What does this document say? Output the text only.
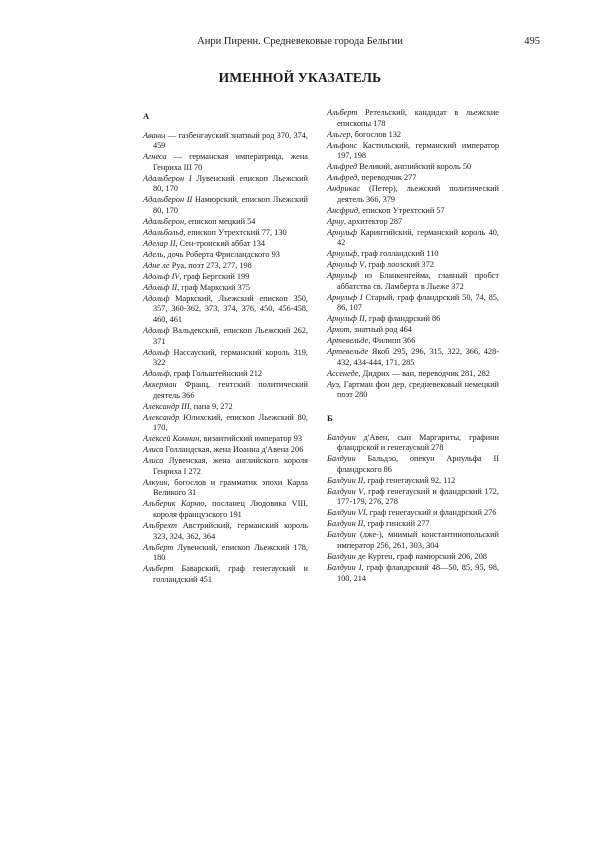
Анри Пиренн. Средневековые города Бельгии	495
ИМЕННОЙ УКАЗАТЕЛЬ
А

Аваны — газбенгауский знатный род 370, 374, 459

Агнеса — германская императрица, жена Генриха III 70

Адальберон I Лувенский епископ Льежский 80, 170

Адальберон II Намюрский, епископ Льежский 80, 170

Адальберон, епископ мецкий 54

Адальбольд, епископ Утрехтский 77, 130

Аделар II, Сен-тронский аббат 134

Адель, дочь Роберта Фрисландского 93

Адне ле Руа, поэт 273, 277, 198

Адольф IV, граф Бергский 199

Адольф II, граф Маркский 375

Адольф Маркский, Льежский епископ 350, 357, 360-362, 373, 374, 376, 450, 456-458, 460, 461

Адольф Вальдекский, епископ Льежский 262, 371

Адольф Нассауский, германский король 319, 322

Адольф, граф Гольштейнский 212

Аккерман Франц, гентский политический деятель 366

Александр III, папа 9, 272

Александр Юлихский, епископ Льежский 80, 170,

Алексей Комнин, византийский император 93

Алиса Голландская, жена Иоанна д'Авена 206

Алиса Лувенская, жена английского короля Генриха I 272

Алкуин, богослов и грамматик эпохи Карла Великого 31

Альберик Корню, посланец Людовика VIII, короля французского 191

Альбрехт Австрийский, германский король 323, 324, 362, 364

Альберт Лувенский, епископ Льежский 178, 180

Альберт Баварский, граф генегауский и голландский 451

Альберт Ретельский, кандидат в льежские епископы 178

Альгер, богослов 132

Альфонс Кастильский, германский император 197, 198

Альфред Великий, английский король 50

Альфред, переводчик 277

Андрикас (Петер), льежский политический деятель 366, 379

Ансфрид, епископ Утрехтский 57

Арну, архитектор 287

Арнульф Каринтийский, германский король 40, 42

Арнульф, граф голландский 110

Арнульф V, граф лоозский 372

Арнульф из Бланкенгейма, главный пробст аббатства св. Ламберта в Льеже 372

Арнульф I Старый, граф фландрский 50, 74, 85, 86, 107

Арнульф II, граф фландрский 86

Архот, знатный род 464

Артевельде, Филипп 366

Артевельде Якоб 295, 296, 315, 322, 366, 428-432, 434-444, 171, 285

Ассенеде, Дидрих — ван, переводчик 281, 282

Ауэ, Гартман фон дер, средневековый немецкий поэт 280

Б

Балдуин д'Авен, сын Маргариты, графини фландрской и генегауской 278

Балдуин Бальдэо, опекун Арнульфа II фландрского 86

Балдуин II, граф генегауский 92, 112

Балдуин V, граф генегауский и фландрский 172, 177-179, 276, 278

Балдуин VI, граф генегауский и фландрский 276

Балдуин II, граф гинский 277

Балдуин (лже-), мнимый константинопольский император 256, 261, 303, 304

Балдуин де Куртен, граф намюрский 206, 208

Балдуин I, граф фландрский 48—50, 85, 95, 98, 100, 214
